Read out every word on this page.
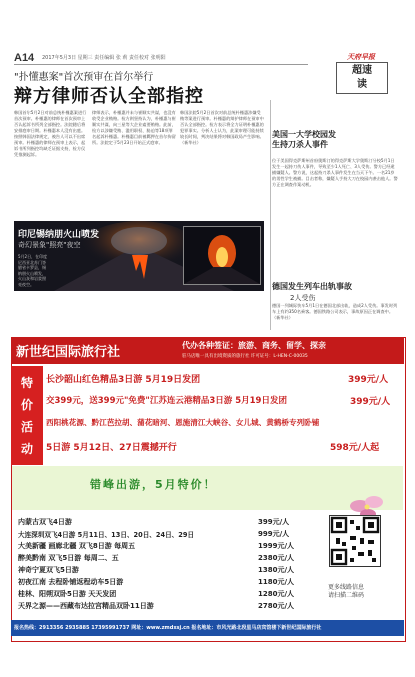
A14 2017年5月3日 星期三 责任编辑 张 莉 责任校对 张明阳	天府早报
超速读
"扑懂惠案"首次预审在首尔举行
辩方律师否认全部指控
韩国首尔5月2日对前总统朴槿惠案进行首次预审。朴槿惠的律师在首次预审上否认起诉书所列全部指控。法院随后将安排庭审日期。朴槿惠本人没有出庭。按照韩国法律规定，被告人可以不出席预审。朴槿惠的律师在预审上表示，起诉书所列指控均缺乏证据支持，检方仅凭推测起诉。
律师表示，朴槿惠并未与崔顺实共谋，也没有收受企业贿赂。检方则坚持认为，朴槿惠与崔顺实共谋，向三星等大企业索要贿赂。此前，检方以涉嫌受贿、滥用职权、胁迫等18项罪名起诉朴槿惠。朴槿惠目前被羁押在首尔拘留所。法院定于5月23日开始正式庭审。
韩国法院5月2日首次对前总统朴槿惠涉嫌受贿等案进行预审。朴槿惠的辩护律师在预审中否认全部指控。检方表示将全力证明朴槿惠的犯罪事实。分析人士认为，此案审理可能持续较长时间，判决结果将对韩国政局产生影响。（新华社）
印尼锡纳朋火山喷发
奇幻景象"照亮"夜空
5月2日，在印度尼西亚北苏门答腊省卡罗县，锡纳朋火山喷发，火山灰和岩浆照亮夜空。
美国一大学校园发生持刀杀人事件
位于美国得克萨斯州首府奥斯汀的得克萨斯大学奥斯汀分校5月1日发生一起持刀伤人事件，导致至少1人死亡、3人受伤。警方已经逮捕嫌疑人。警方说，这起持刀杀人事件发生在当天下午。一名21岁的男性学生被捕。目击者称，嫌疑人手持大刀在校园内袭击他人。警方正在调查作案动机。
德国发生列车出轨事故
2人受伤
德国一列城际快车5月1日在德国北部出轨，造成2人受伤。事发时列车上有约350名乘客。德国铁路公司表示，事故原因正在调查中。（新华社）
新世纪国际旅行社	代办各种签证：旅游、商务、留学、探亲
驻马店唯一具有出境资质的旅行社 许可证号：L-HEN-C-00035
特价活动
长沙韶山红色精品3日游 5月19日发团	399元/人
交399元，送399元"免费"江苏连云港精品3日游 5月19日发团	399元/人
西阳桃花源、黔江芭拉胡、蒲花暗河、恩施清江大峡谷、女儿城、黄鹤桥专列卧铺
5日游 5月12日、27日震撼开行	598元/人起
错峰出游，5月特价！
内蒙古双飞4日游	399元/人
大连深圳双飞4日游 5月11日、13日、20日、24日、29日	999元/人
大美新疆 画廊北疆 双飞8日游 每周五	1999元/人
醉美黔南 双飞5日游 每周二、五	2380元/人
神奇宁夏双飞5日游	1380元/人
初夜江南 去程卧铺返程动车5日游	1180元/人
桂林、阳朔双卧5日游 天天发团	1280元/人
天界之源——西藏布达拉宫精品双卧11日游	2780元/人
更多线路信息
请扫描二维码
报名热线：2913356 2935885 17395991737 网址：www.zmdxsj.cn 报名地址：市风光路北段星马店宾馆楼下新世纪国际旅行社
